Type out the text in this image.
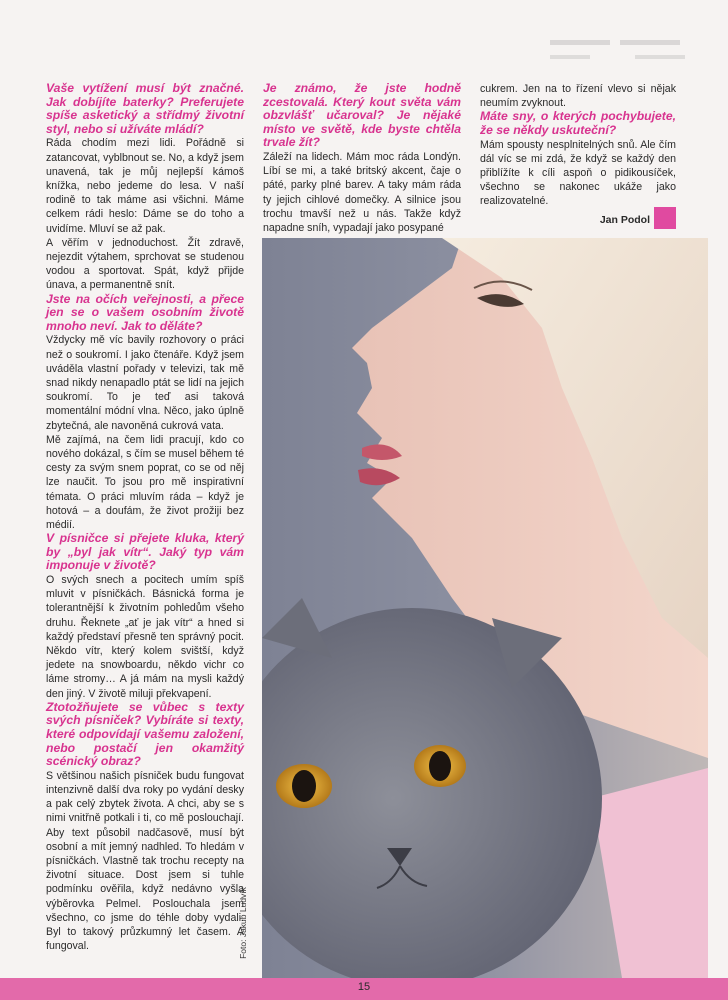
Vaše vytížení musí být značné. Jak dobíjíte baterky? Preferujete spíše asketický a střídmý životní styl, nebo si užíváte mládí?

Ráda chodím mezi lidi. Pořádně si zatancovat, vyblbnout se. No, a když jsem unavená, tak je můj nejlepší kámoš knížka, nebo jedeme do lesa. V naší rodině to tak máme asi všichni. Máme celkem rádi heslo: Dáme se do toho a uvidíme. Mluví se až pak.

A věřím v jednoduchost. Žít zdravě, nejezdit výtahem, sprchovat se studenou vodou a sportovat. Spát, když přijde únava, a permanentně snít.

Jste na očích veřejnosti, a přece jen se o vašem osobním životě mnoho neví. Jak to děláte?

Vždycky mě víc bavily rozhovory o práci než o soukromí. I jako čtenáře. Když jsem uváděla vlastní pořady v televizi, tak mě snad nikdy nenapadlo ptát se lidí na jejich soukromí. To je teď asi taková momentální módní vlna. Něco, jako úplně zbytečná, ale navoněná cukrová vata.

Mě zajímá, na čem lidi pracují, kdo co nového dokázal, s čím se musel během té cesty za svým snem poprat, co se od něj lze naučit. To jsou pro mě inspirativní témata. O práci mluvím ráda – když je hotová – a doufám, že život prožiji bez médií.

V písničce si přejete kluka, který by „byl jak vítr“. Jaký typ vám imponuje v životě?

O svých snech a pocitech umím spíš mluvit v písničkách. Básnická forma je tolerantnější k životním pohledům všeho druhu. Řeknete „ať je jak vítr“ a hned si každý představí přesně ten správný pocit. Někdo vítr, který kolem svištší, když jedete na snowboardu, někdo vichr co láme stromy… A já mám na mysli každý den jiný. V životě miluji překvapení.

Ztotožňujete se vůbec s texty svých písniček? Vybíráte si texty, které odpovídají vašemu založení, nebo postačí jen okamžitý scénický obraz?

S většinou našich písniček budu fungovat intenzivně další dva roky po vydání desky a pak celý zbytek života. A chci, aby se s nimi vnitřně potkali i ti, co mě poslouchají. Aby text působil nadčasově, musí být osobní a mít jemný nadhled. To hledám v písničkách. Vlastně tak trochu recepty na životní situace. Dost jsem si tuhle podmínku ověřila, když nedávno vyšla výběrovka Pelmel. Poslouchala jsem všechno, co jsme do téhle doby vydali. Byl to takový průzkumný let časem. A fungoval.

Je známo, že jste hodně zcestovalá. Který kout světa vám obzvlášť učaroval? Je nějaké místo ve světě, kde byste chtěla trvale žít?

Záleží na lidech. Mám moc ráda Londýn. Líbí se mi, a také britský akcent, čaje o páté, parky plné barev. A taky mám ráda ty jejich cihlové domečky. A silnice jsou trochu tmavší než u nás. Takže když napadne sníh, vypadají jako posypané

cukrem. Jen na to řízení vlevo si nějak neumím zvyknout.

Máte sny, o kterých pochybujete, že se někdy uskuteční?

Mám spousty nesplnitelných snů. Ale čím dál víc se mi zdá, že když se každý den přiblížíte k cíli aspoň o pidikousíček, všechno se nakonec ukáže jako realizovatelné.

Jan Podol
Foto: Jakub Ludvík
15
